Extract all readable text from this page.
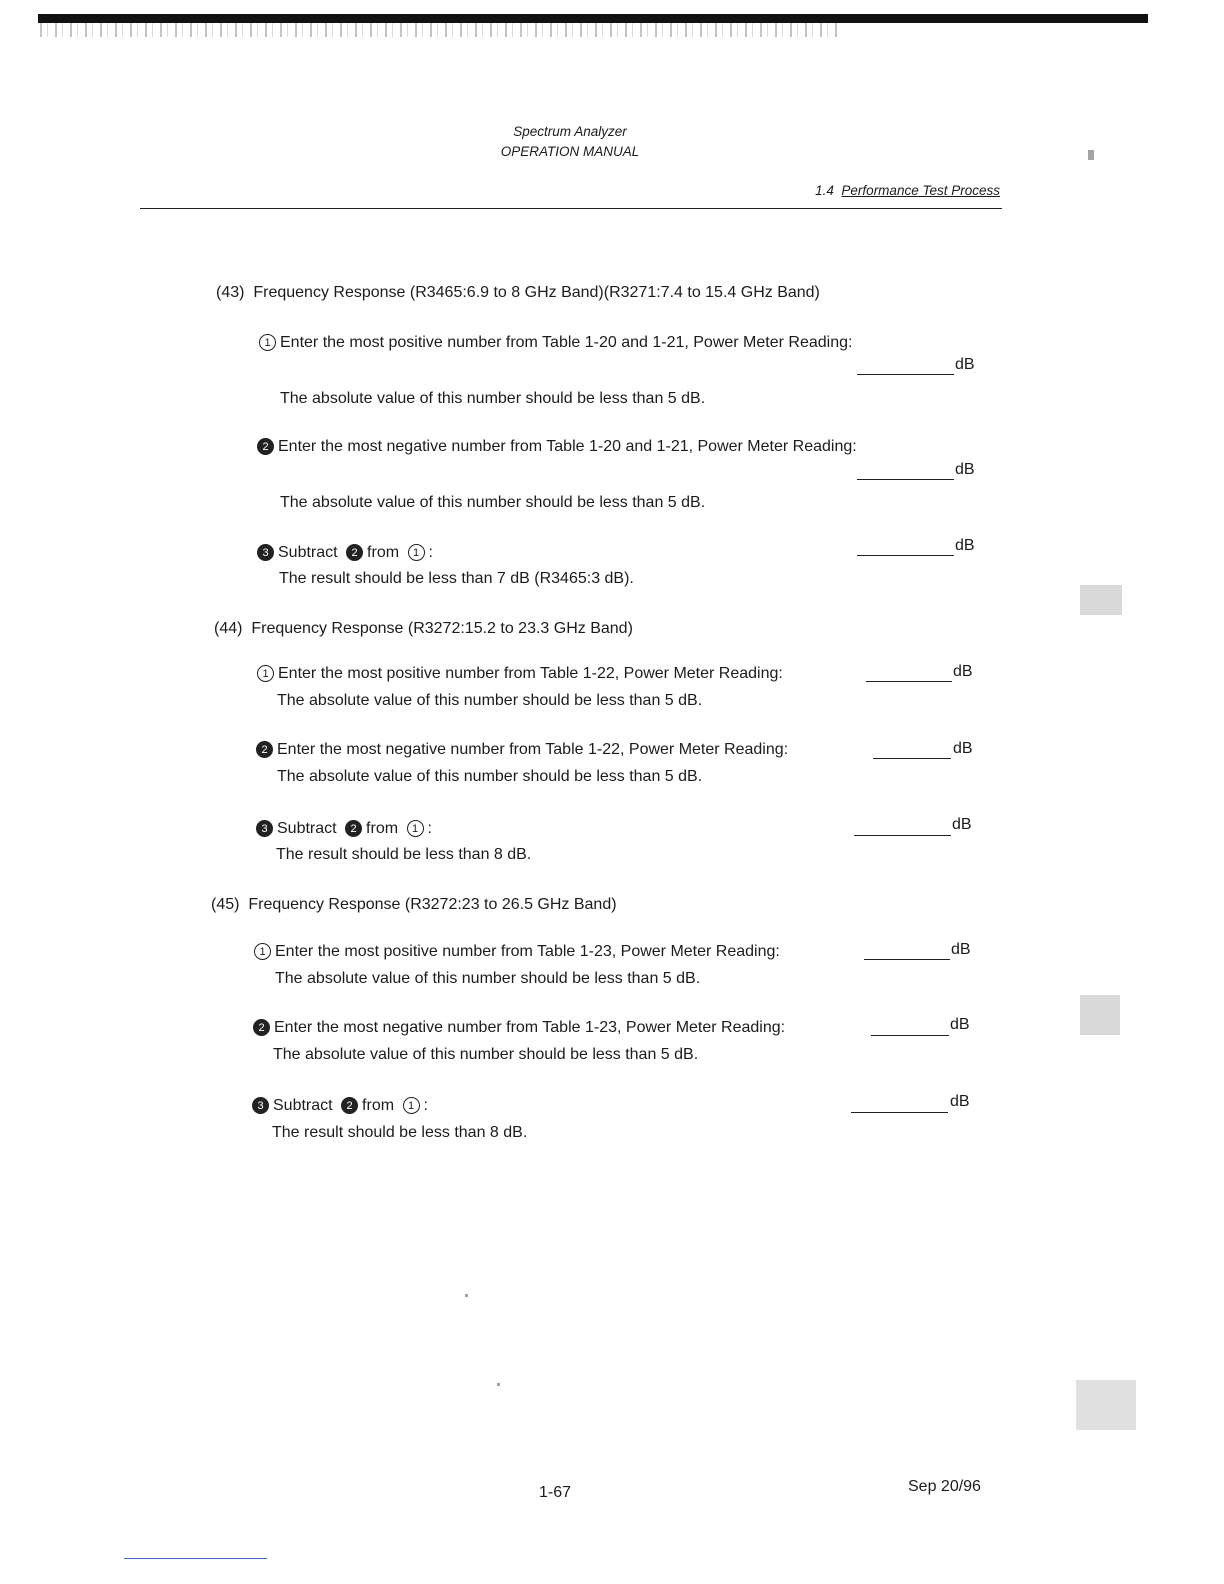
Spectrum Analyzer
OPERATION MANUAL
1.4 Performance Test Process
(43) Frequency Response (R3465:6.9 to 8 GHz Band)(R3271:7.4 to 15.4 GHz Band)
1 Enter the most positive number from Table 1-20 and 1-21, Power Meter Reading:
dB
The absolute value of this number should be less than 5 dB.
2 Enter the most negative number from Table 1-20 and 1-21, Power Meter Reading:
dB
The absolute value of this number should be less than 5 dB.
3 Subtract 2 from 1 :	dB
The result should be less than 7 dB (R3465:3 dB).
(44) Frequency Response (R3272:15.2 to 23.3 GHz Band)
1 Enter the most positive number from Table 1-22, Power Meter Reading:	dB
The absolute value of this number should be less than 5 dB.
2 Enter the most negative number from Table 1-22, Power Meter Reading:	dB
The absolute value of this number should be less than 5 dB.
3 Subtract 2 from 1 :	dB
The result should be less than 8 dB.
(45) Frequency Response (R3272:23 to 26.5 GHz Band)
1 Enter the most positive number from Table 1-23, Power Meter Reading:	dB
The absolute value of this number should be less than 5 dB.
2 Enter the most negative number from Table 1-23, Power Meter Reading:	dB
The absolute value of this number should be less than 5 dB.
3 Subtract 2 from 1 :	dB
The result should be less than 8 dB.
1-67	Sep 20/96
